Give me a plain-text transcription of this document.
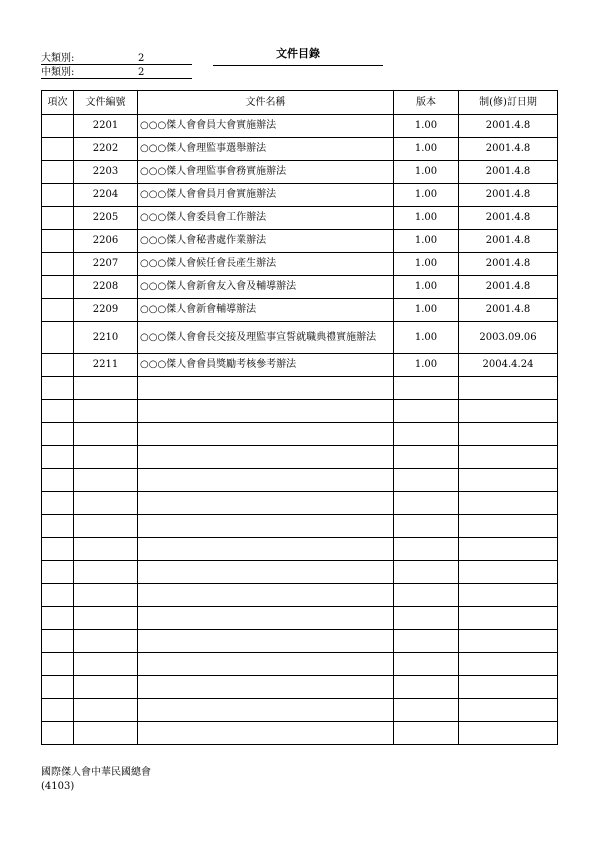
大類別:	2
中類別:	2
文件目錄
項次	文件編號	文件名稱	版本	制(修)訂日期
	2201	○○○傑人會會員大會實施辦法	1.00	2001.4.8
	2202	○○○傑人會理監事選舉辦法	1.00	2001.4.8
	2203	○○○傑人會理監事會務實施辦法	1.00	2001.4.8
	2204	○○○傑人會會員月會實施辦法	1.00	2001.4.8
	2205	○○○傑人會委員會工作辦法	1.00	2001.4.8
	2206	○○○傑人會秘書處作業辦法	1.00	2001.4.8
	2207	○○○傑人會候任會長產生辦法	1.00	2001.4.8
	2208	○○○傑人會新會友入會及輔導辦法	1.00	2001.4.8
	2209	○○○傑人會新會輔導辦法	1.00	2001.4.8
	2210	○○○傑人會會長交接及理監事宣誓就職典禮實施辦法	1.00	2003.09.06
	2211	○○○傑人會會員獎勵考核參考辦法	1.00	2004.4.24

國際傑人會中華民國總會
(4103)
